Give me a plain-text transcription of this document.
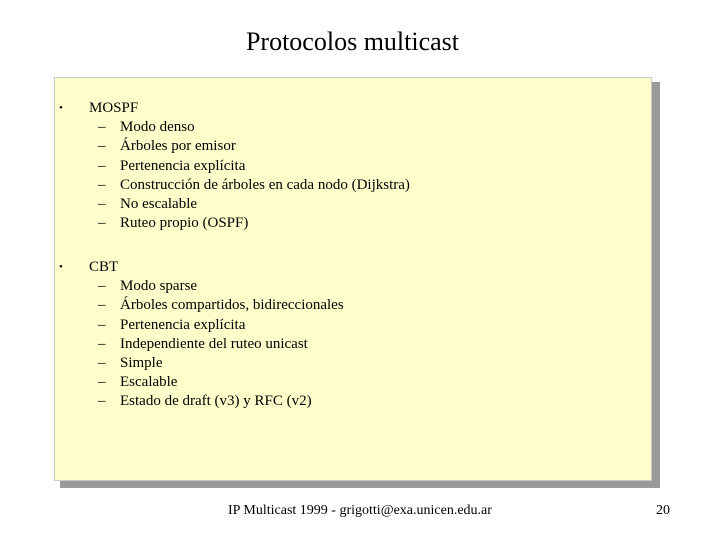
Protocolos multicast
• MOSPF
– Modo denso
– Árboles por emisor
– Pertenencia explícita
– Construcción de árboles en cada nodo (Dijkstra)
– No escalable
– Ruteo propio (OSPF)
• CBT
– Modo sparse
– Árboles compartidos, bidireccionales
– Pertenencia explícita
– Independiente del ruteo unicast
– Simple
– Escalable
– Estado de draft (v3) y RFC (v2)
IP Multicast 1999 - grigotti@exa.unicen.edu.ar	20
